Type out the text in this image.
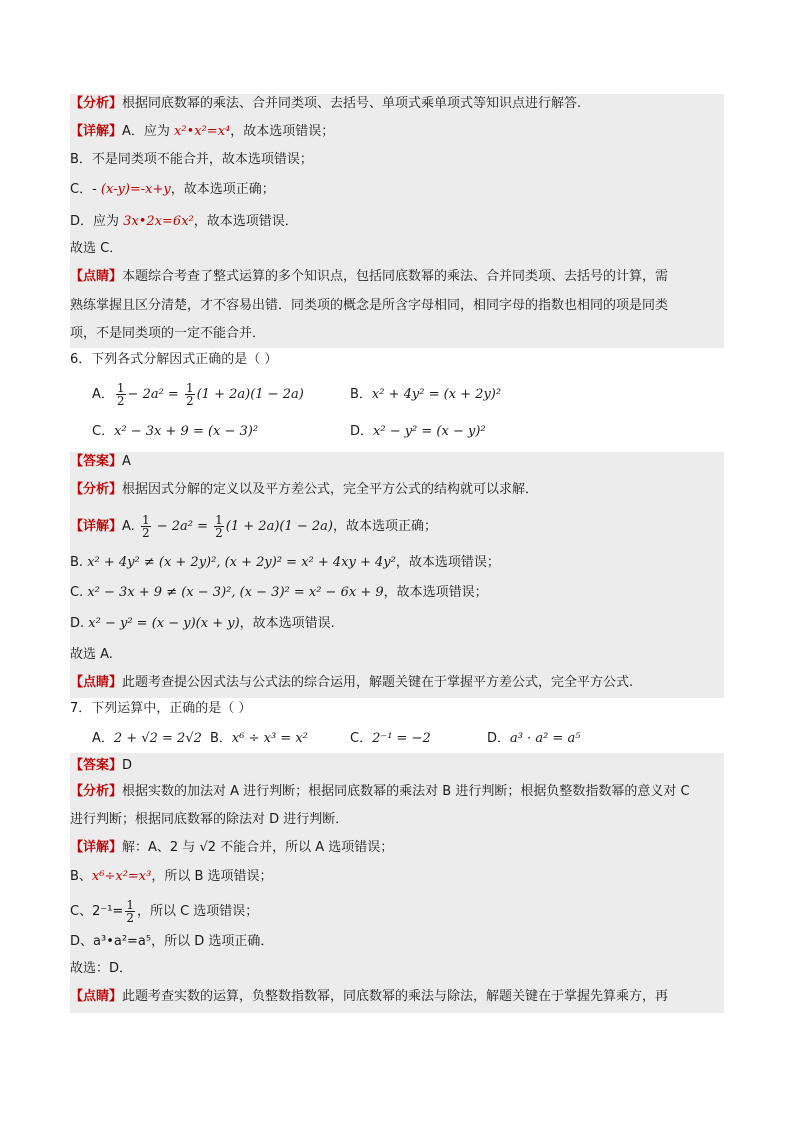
【分析】根据同底数幂的乘法、合并同类项、去括号、单项式乘单项式等知识点进行解答.
【详解】A．应为 x²•x²=x⁴，故本选项错误；
B．不是同类项不能合并，故本选项错误；
C．- (x-y)=-x+y，故本选项正确；
D．应为 3x•2x=6x²，故本选项错误．
故选 C．
【点睛】本题综合考查了整式运算的多个知识点，包括同底数幂的乘法、合并同类项、去括号的计算，需
熟练掌握且区分清楚，才不容易出错．同类项的概念是所含字母相同，相同字母的指数也相同的项是同类
项，不是同类项的一定不能合并．
6．下列各式分解因式正确的是（ ）
A． $\frac{1}{2} - 2a^2 = \frac{1}{2} (1 + 2a)(1 - 2a)$	B．x² + 4y² = (x + 2y)²
C．x² − 3x + 9 = (x − 3)²	D．x² − y² = (x − y)²
【答案】A
【分析】根据因式分解的定义以及平方差公式，完全平方公式的结构就可以求解．
【详解】A. $\frac{1}{2} - 2a^2 = \frac{1}{2} (1 + 2a)(1 - 2a)$，故本选项正确；
B. x² + 4y² ≠ (x + 2y)², (x + 2y)² = x² + 4xy + 4y²，故本选项错误；
C. x² − 3x + 9 ≠ (x − 3)², (x − 3)² = x² − 6x + 9，故本选项错误；
D. x² − y² = (x − y)(x + y)，故本选项错误.
故选 A.
【点睛】此题考查提公因式法与公式法的综合运用，解题关键在于掌握平方差公式，完全平方公式.
7．下列运算中，正确的是（ ）
A．2 + √2 = 2√2 B．x⁶ ÷ x³ = x²	C．2⁻¹ = −2	D．a³ · a² = a⁵
【答案】D
【分析】根据实数的加法对 A 进行判断；根据同底数幂的乘法对 B 进行判断；根据负整数指数幂的意义对 C
进行判断；根据同底数幂的除法对 D 进行判断．
【详解】解：A、2 与 √2 不能合并，所以 A 选项错误；
B、x⁶÷x²=x³，所以 B 选项错误；
C、$2^{-1}= \frac{1}{2}$ ，所以 C 选项错误；
D、a³•a²=a⁵，所以 D 选项正确．
故选：D．
【点睛】此题考查实数的运算，负整数指数幂，同底数幂的乘法与除法，解题关键在于掌握先算乘方，再
